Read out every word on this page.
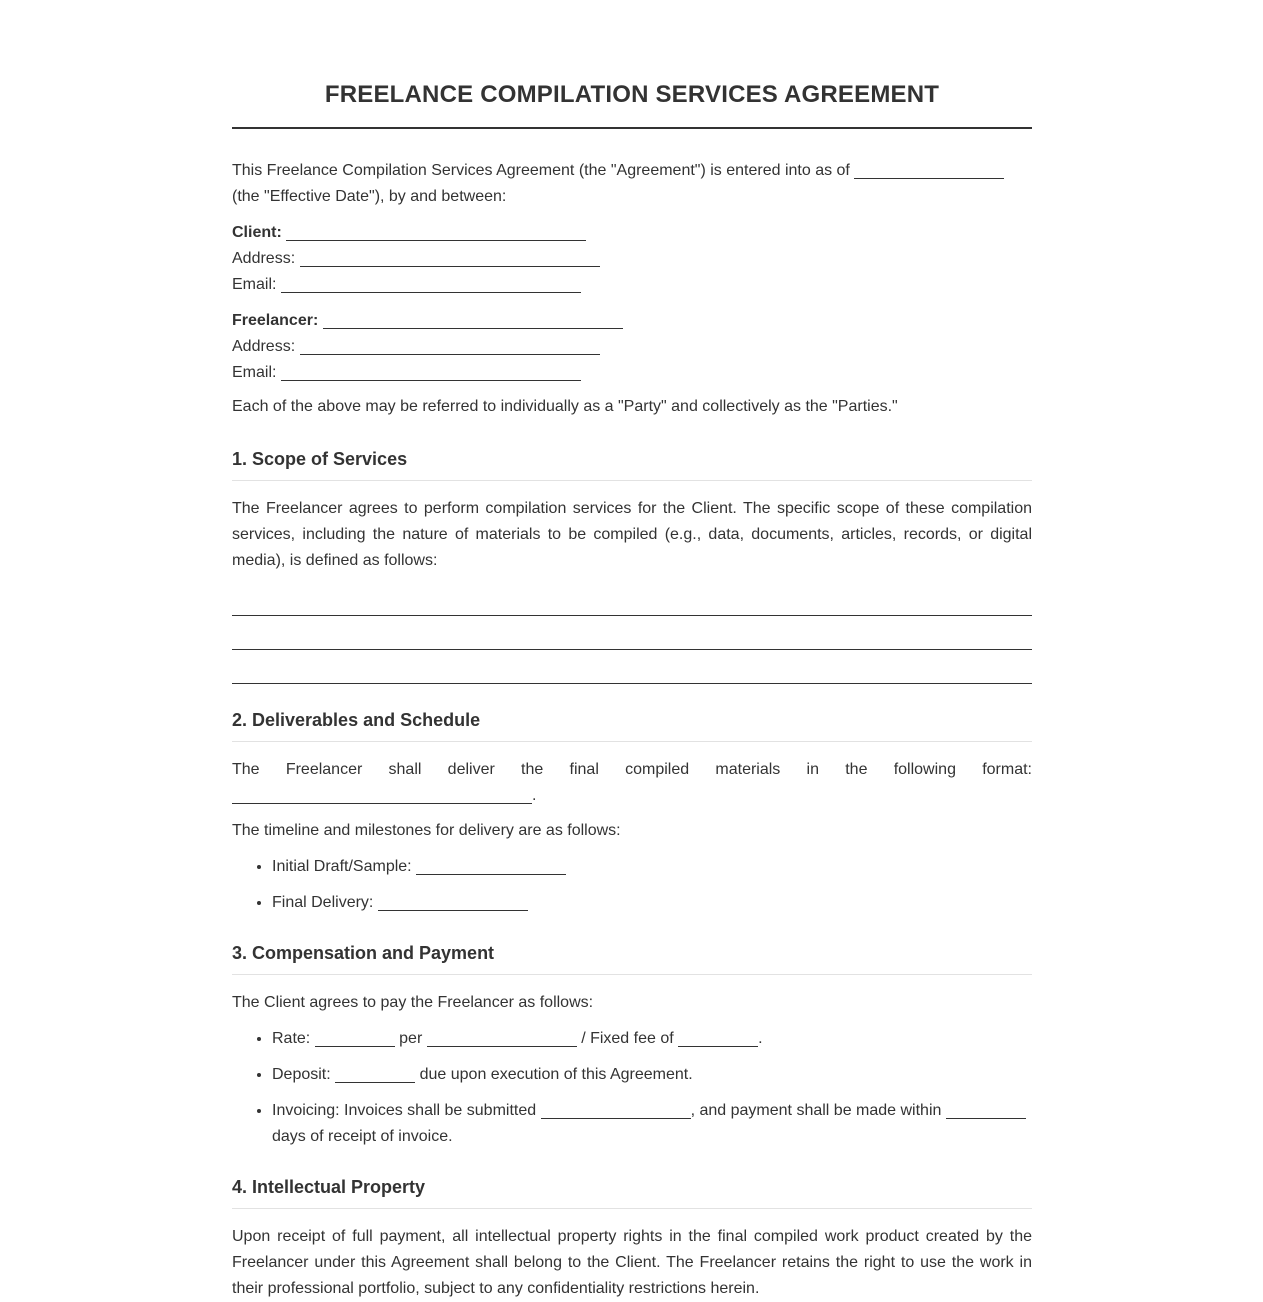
FREELANCE COMPILATION SERVICES AGREEMENT

This Freelance Compilation Services Agreement (the "Agreement") is entered into as of
(the "Effective Date"), by and between:

Client:
Address:
Email:
Freelancer:
Address:
Email:

Each of the above may be referred to individually as a "Party" and collectively as the "Parties."

1. Scope of Services

The Freelancer agrees to perform compilation services for the Client. The specific scope of these compilation services, including the nature of materials to be compiled (e.g., data, documents, articles, records, or digital media), is defined as follows:

2. Deliverables and Schedule
The Freelancer shall deliver the final compiled materials in the following format:
.

The timeline and milestones for delivery are as follows:

• Initial Draft/Sample:
• Final Delivery:
3. Compensation and Payment

The Client agrees to pay the Freelancer as follows:

• Rate:	per	/ Fixed fee of	.
• Deposit:	due upon execution of this Agreement.
• Invoicing: Invoices shall be submitted	, and payment shall be made within  days of receipt of invoice.
4. Intellectual Property

Upon receipt of full payment, all intellectual property rights in the final compiled work product created by the Freelancer under this Agreement shall belong to the Client. The Freelancer retains the right to use the work in their professional portfolio, subject to any confidentiality restrictions herein.
